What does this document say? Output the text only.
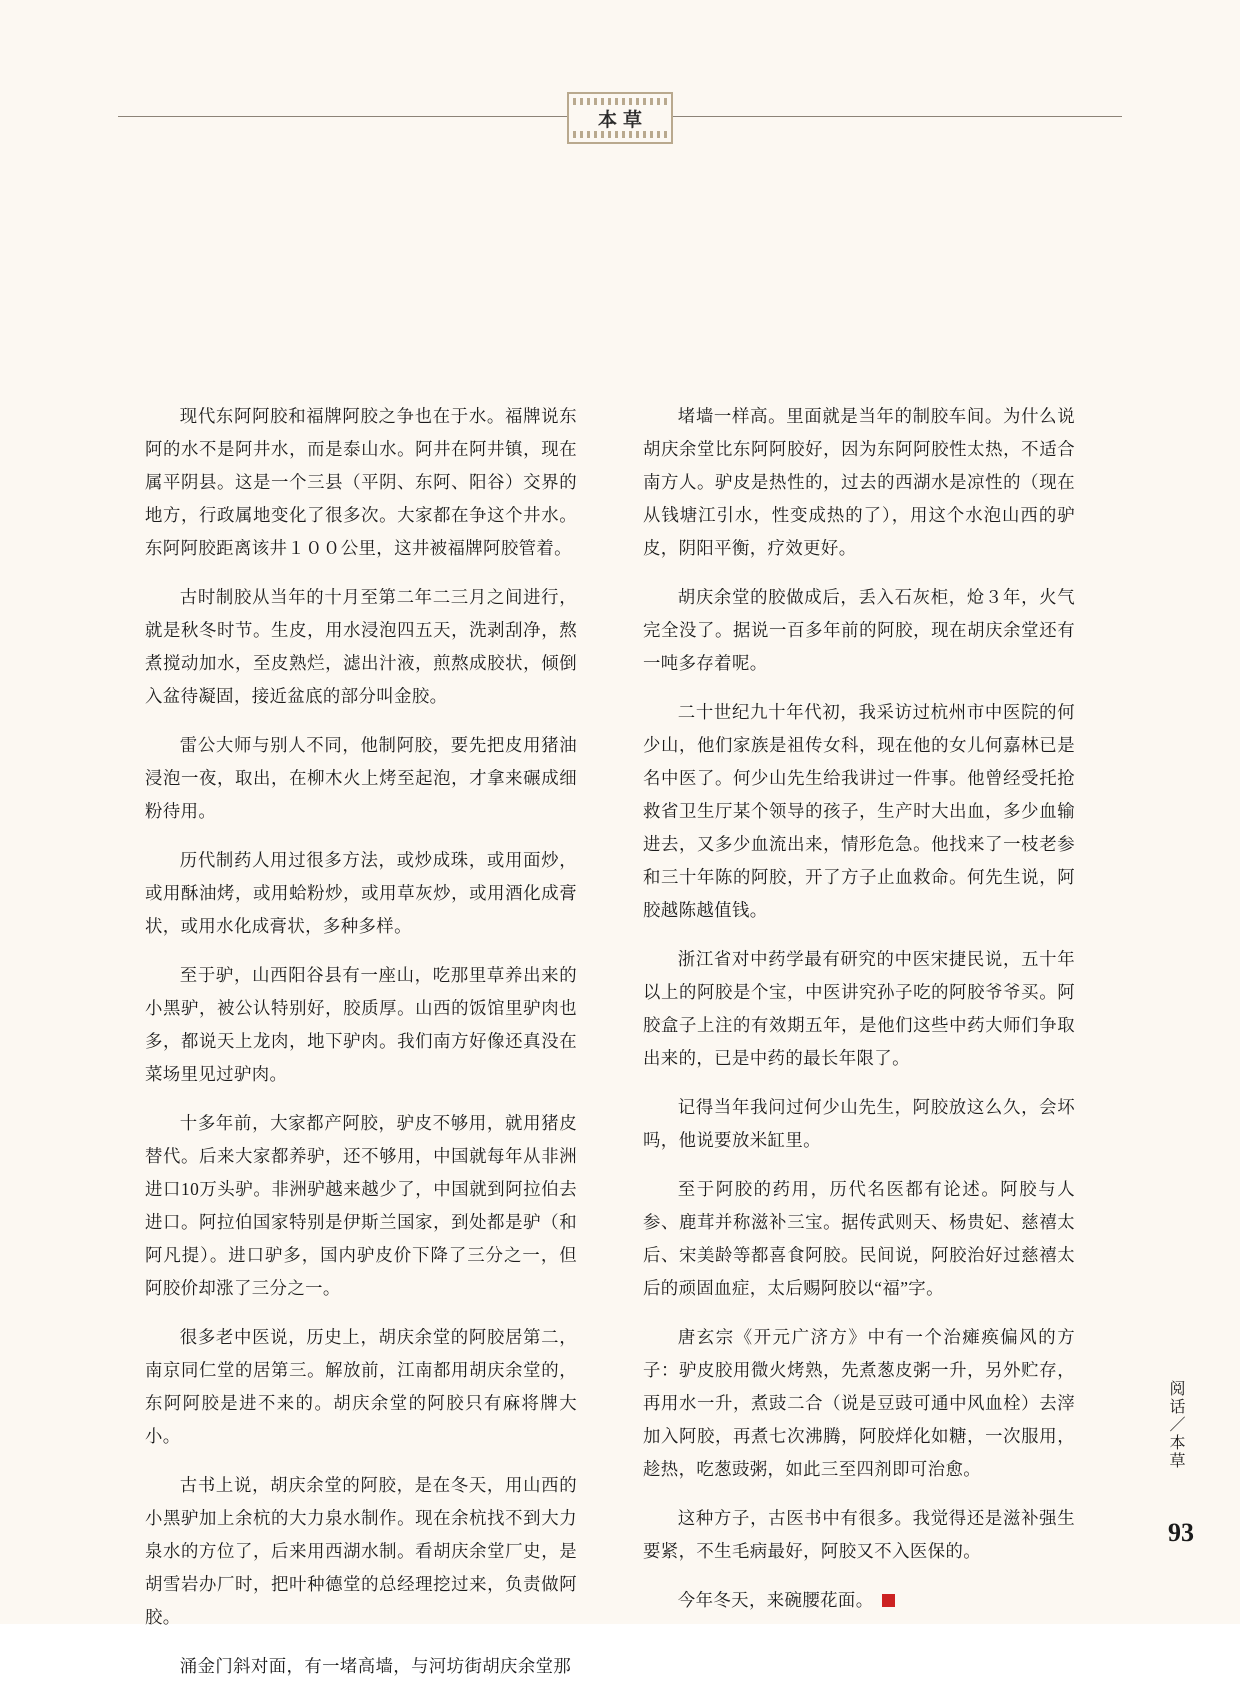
本草

现代东阿阿胶和福牌阿胶之争也在于水。福牌说东阿的水不是阿井水，而是泰山水。阿井在阿井镇，现在属平阴县。这是一个三县（平阴、东阿、阳谷）交界的地方，行政属地变化了很多次。大家都在争这个井水。东阿阿胶距离该井１００公里，这井被福牌阿胶管着。

古时制胶从当年的十月至第二年二三月之间进行，就是秋冬时节。生皮，用水浸泡四五天，洗剥刮净，熬煮搅动加水，至皮熟烂，滤出汁液，煎熬成胶状，倾倒入盆待凝固，接近盆底的部分叫金胶。

雷公大师与别人不同，他制阿胶，要先把皮用猪油浸泡一夜，取出，在柳木火上烤至起泡，才拿来碾成细粉待用。

历代制药人用过很多方法，或炒成珠，或用面炒，或用酥油烤，或用蛤粉炒，或用草灰炒，或用酒化成膏状，或用水化成膏状，多种多样。

至于驴，山西阳谷县有一座山，吃那里草养出来的小黑驴，被公认特别好，胶质厚。山西的饭馆里驴肉也多，都说天上龙肉，地下驴肉。我们南方好像还真没在菜场里见过驴肉。

十多年前，大家都产阿胶，驴皮不够用，就用猪皮替代。后来大家都养驴，还不够用，中国就每年从非洲进口10万头驴。非洲驴越来越少了，中国就到阿拉伯去进口。阿拉伯国家特别是伊斯兰国家，到处都是驴（和阿凡提）。进口驴多，国内驴皮价下降了三分之一，但阿胶价却涨了三分之一。

很多老中医说，历史上，胡庆余堂的阿胶居第二，南京同仁堂的居第三。解放前，江南都用胡庆余堂的，东阿阿胶是进不来的。胡庆余堂的阿胶只有麻将牌大小。

古书上说，胡庆余堂的阿胶，是在冬天，用山西的小黑驴加上余杭的大力泉水制作。现在余杭找不到大力泉水的方位了，后来用西湖水制。看胡庆余堂厂史，是胡雪岩办厂时，把叶种德堂的总经理挖过来，负责做阿胶。

涌金门斜对面，有一堵高墙，与河坊街胡庆余堂那

堵墙一样高。里面就是当年的制胶车间。为什么说胡庆余堂比东阿阿胶好，因为东阿阿胶性太热，不适合南方人。驴皮是热性的，过去的西湖水是凉性的（现在从钱塘江引水，性变成热的了），用这个水泡山西的驴皮，阴阳平衡，疗效更好。

胡庆余堂的胶做成后，丢入石灰柜，炝３年，火气完全没了。据说一百多年前的阿胶，现在胡庆余堂还有一吨多存着呢。

二十世纪九十年代初，我采访过杭州市中医院的何少山，他们家族是祖传女科，现在他的女儿何嘉林已是名中医了。何少山先生给我讲过一件事。他曾经受托抢救省卫生厅某个领导的孩子，生产时大出血，多少血输进去，又多少血流出来，情形危急。他找来了一枝老参和三十年陈的阿胶，开了方子止血救命。何先生说，阿胶越陈越值钱。

浙江省对中药学最有研究的中医宋捷民说，五十年以上的阿胶是个宝，中医讲究孙子吃的阿胶爷爷买。阿胶盒子上注的有效期五年，是他们这些中药大师们争取出来的，已是中药的最长年限了。

记得当年我问过何少山先生，阿胶放这么久，会坏吗，他说要放米缸里。

至于阿胶的药用，历代名医都有论述。阿胶与人参、鹿茸并称滋补三宝。据传武则天、杨贵妃、慈禧太后、宋美龄等都喜食阿胶。民间说，阿胶治好过慈禧太后的顽固血症，太后赐阿胶以“福”字。

唐玄宗《开元广济方》中有一个治瘫痪偏风的方子：驴皮胶用微火烤熟，先煮葱皮粥一升，另外贮存，再用水一升，煮豉二合（说是豆豉可通中风血栓）去滓加入阿胶，再煮七次沸腾，阿胶烊化如糖，一次服用，趁热，吃葱豉粥，如此三至四剂即可治愈。

这种方子，古医书中有很多。我觉得还是滋补强生要紧，不生毛病最好，阿胶又不入医保的。

今年冬天，来碗腰花面。

阅话／本草
93
